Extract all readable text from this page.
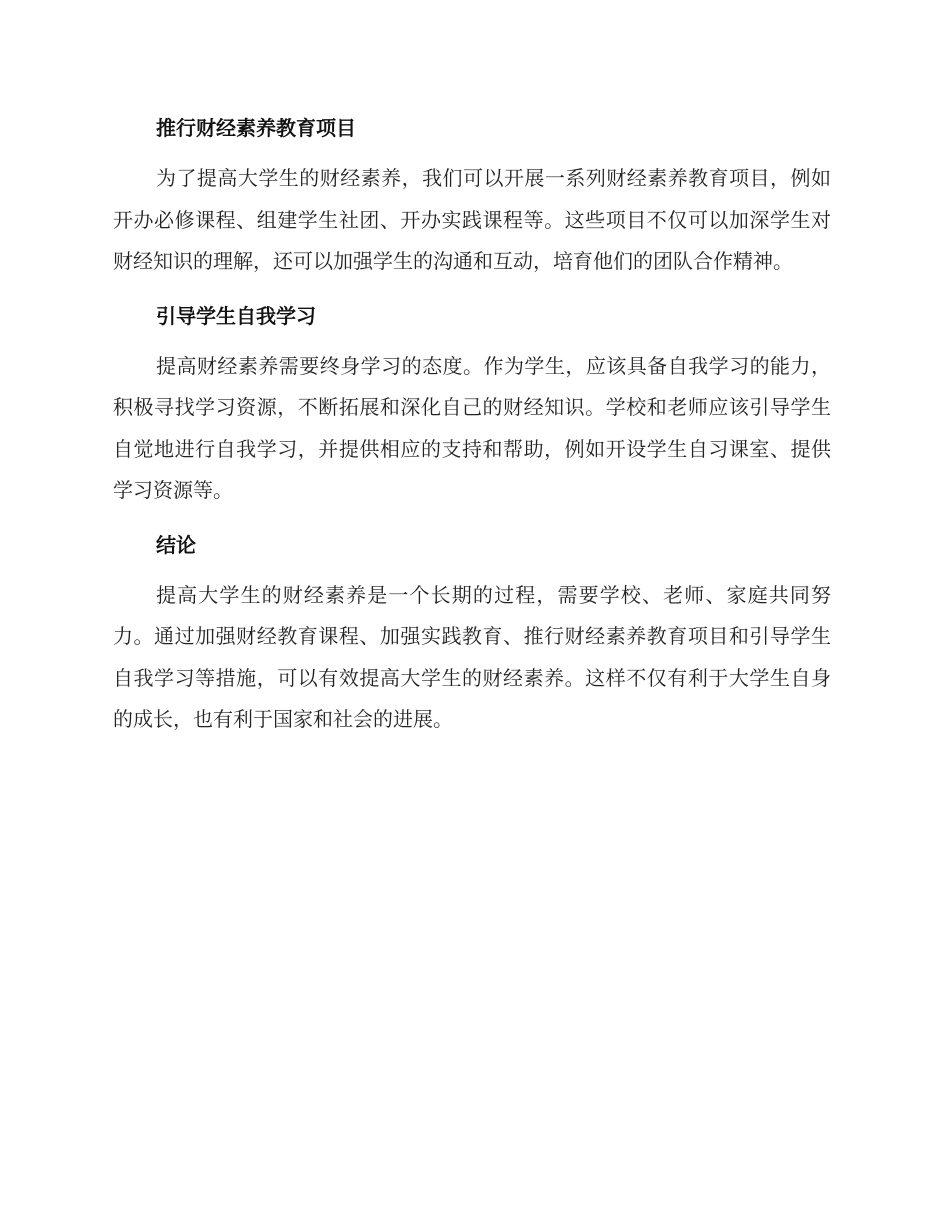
推行财经素养教育项目

为了提高大学生的财经素养，我们可以开展一系列财经素养教育项目，例如开办必修课程、组建学生社团、开办实践课程等。这些项目不仅可以加深学生对财经知识的理解，还可以加强学生的沟通和互动，培育他们的团队合作精神。

引导学生自我学习

提高财经素养需要终身学习的态度。作为学生，应该具备自我学习的能力，积极寻找学习资源，不断拓展和深化自己的财经知识。学校和老师应该引导学生自觉地进行自我学习，并提供相应的支持和帮助，例如开设学生自习课室、提供学习资源等。

结论

提高大学生的财经素养是一个长期的过程，需要学校、老师、家庭共同努力。通过加强财经教育课程、加强实践教育、推行财经素养教育项目和引导学生自我学习等措施，可以有效提高大学生的财经素养。这样不仅有利于大学生自身的成长，也有利于国家和社会的进展。
